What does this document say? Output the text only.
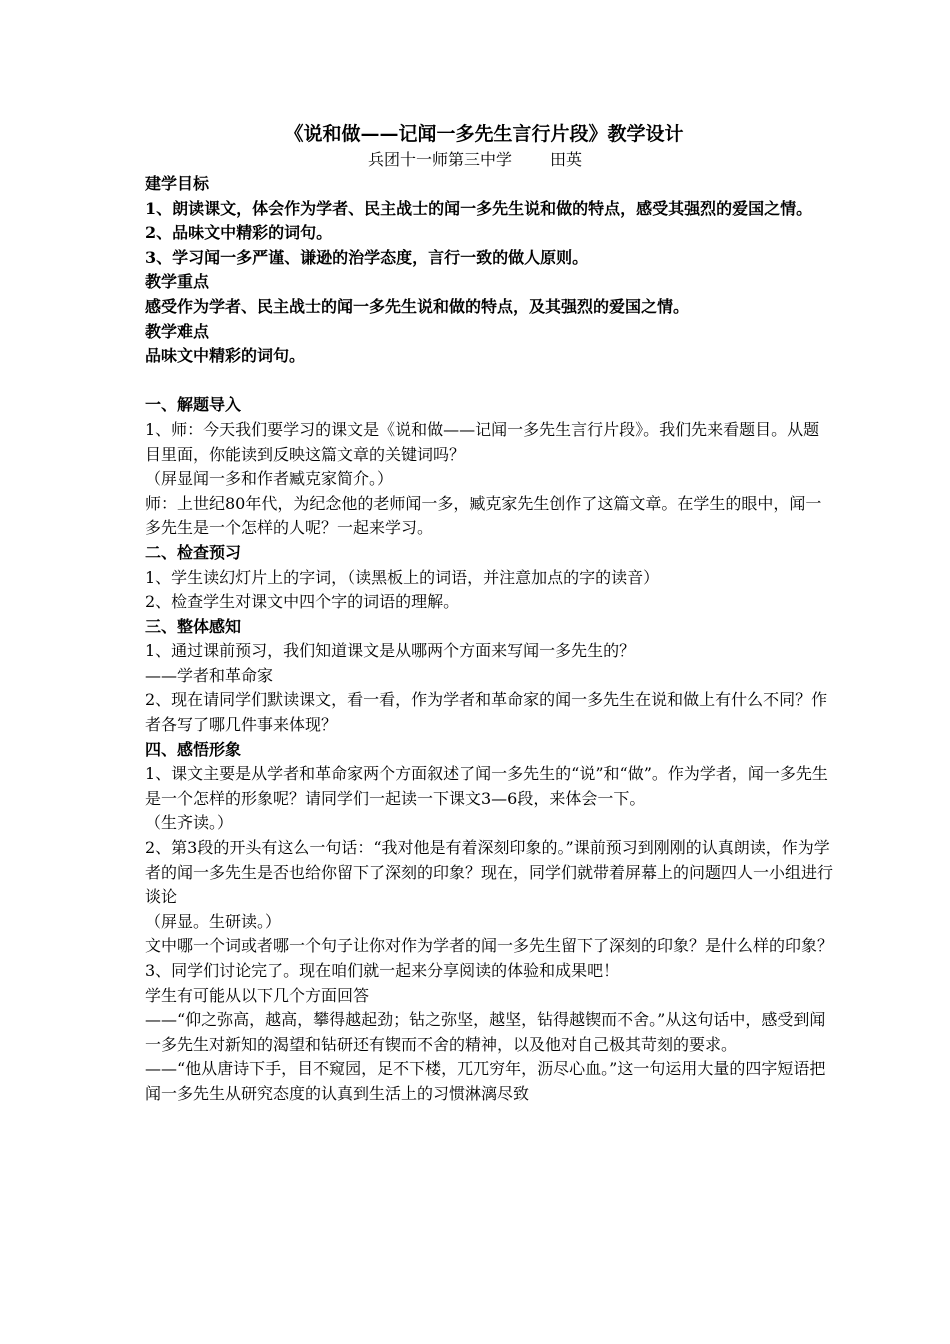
《说和做——记闻一多先生言行片段》教学设计
兵团十一师第三中学 田英
建学目标
1、朗读课文，体会作为学者、民主战士的闻一多先生说和做的特点，感受其强烈的爱国之情。
2、品味文中精彩的词句。
3、学习闻一多严谨、谦逊的治学态度，言行一致的做人原则。
教学重点
感受作为学者、民主战士的闻一多先生说和做的特点，及其强烈的爱国之情。
教学难点
品味文中精彩的词句。
一、解题导入
1、师：今天我们要学习的课文是《说和做——记闻一多先生言行片段》。我们先来看题目。从题目里面，你能读到反映这篇文章的关键词吗？
（屏显闻一多和作者臧克家简介。）
师：上世纪80年代，为纪念他的老师闻一多，臧克家先生创作了这篇文章。在学生的眼中，闻一多先生是一个怎样的人呢？一起来学习。
二、检查预习
1、学生读幻灯片上的字词，（读黑板上的词语，并注意加点的字的读音）
2、检查学生对课文中四个字的词语的理解。
三、整体感知
1、通过课前预习，我们知道课文是从哪两个方面来写闻一多先生的？
——学者和革命家
2、现在请同学们默读课文，看一看，作为学者和革命家的闻一多先生在说和做上有什么不同？作者各写了哪几件事来体现？
四、感悟形象
1、课文主要是从学者和革命家两个方面叙述了闻一多先生的“说”和“做”。作为学者，闻一多先生是一个怎样的形象呢？请同学们一起读一下课文3—6段，来体会一下。
（生齐读。）
2、第3段的开头有这么一句话：“我对他是有着深刻印象的。”课前预习到刚刚的认真朗读，作为学者的闻一多先生是否也给你留下了深刻的印象？现在，同学们就带着屏幕上的问题四人一小组进行谈论
（屏显。生研读。）
文中哪一个词或者哪一个句子让你对作为学者的闻一多先生留下了深刻的印象？是什么样的印象？
3、同学们讨论完了。现在咱们就一起来分享阅读的体验和成果吧！
学生有可能从以下几个方面回答
——“仰之弥高，越高，攀得越起劲；钻之弥坚，越坚，钻得越锲而不舍。”从这句话中，感受到闻一多先生对新知的渴望和钻研还有锲而不舍的精神，以及他对自己极其苛刻的要求。
——“他从唐诗下手，目不窥园，足不下楼，兀兀穷年，沥尽心血。”这一句运用大量的四字短语把闻一多先生从研究态度的认真到生活上的习惯淋漓尽致
